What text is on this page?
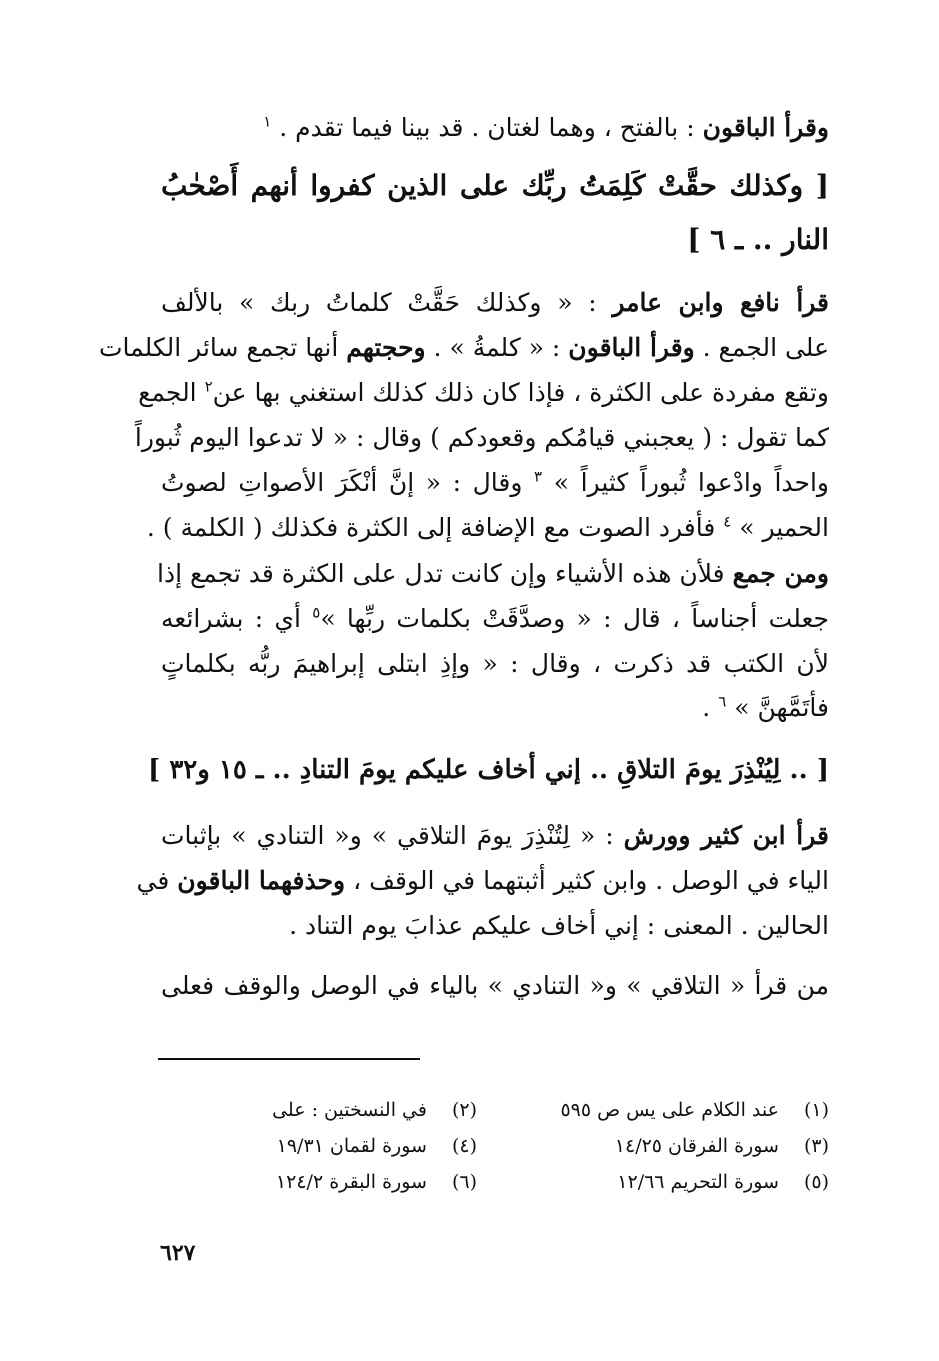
وقرأ الباقون : بالفتح ، وهما لغتان . قد بينا فيما تقدم . $^١$
[ وكذلك حقَّتْ كَلِمَتُ ربِّك على الذين كفروا أنهم أَصْحٰبُ
النار .. ـ ٦ ]
قرأ نافع وابن عامر : « وكذلك حَقَّتْ كلماتُ ربك » بالألف
على الجمع . وقرأ الباقون : « كلمةُ » . وحجتهم أنها تجمع سائر الكلمات
وتقع مفردة على الكثرة ، فإذا كان ذلك كذلك استغني بها عن$^٢$ الجمع
كما تقول : ( يعجبني قيامُكم وقعودكم ) وقال : « لا تدعوا اليوم ثُبوراً
واحداً وادْعوا ثُبوراً كثيراً » $^٣$ وقال : « إنَّ أنْكَرَ الأصواتِ لصوتُ
الحمير » $^٤$ فأفرد الصوت مع الإضافة إلى الكثرة فكذلك ( الكلمة ) .
ومن جمع فلأن هذه الأشياء وإن كانت تدل على الكثرة قد تجمع إذا
جعلت أجناساً ، قال : « وصدَّقَتْ بكلمات ربِّها »$^٥$ أي : بشرائعه
لأن الكتب قد ذكرت ، وقال : « وإذِ ابتلى إبراهيمَ ربُّه بكلماتٍ
فأتَمَّهنَّ » $^٦$ .
[ .. لِيُنْذِرَ يومَ التلاقِ .. إني أخاف عليكم يومَ التنادِ .. ـ ١٥ و٣٢ ]
قرأ ابن كثير وورش : « لِتُنْذِرَ يومَ التلاقي » و« التنادي » بإثبات
الياء في الوصل . وابن كثير أثبتهما في الوقف ، وحذفهما الباقون في
الحالين . المعنى : إني أخاف عليكم عذابَ يوم التناد .
من قرأ « التلاقي » و« التنادي » بالياء في الوصل والوقف فعلى
(١) عند الكلام على يس ص ٥٩٥
(٣) سورة الفرقان ١٤/٢٥
(٥) سورة التحريم ١٢/٦٦
(٢) في النسختين : على
(٤) سورة لقمان ١٩/٣١
(٦) سورة البقرة ١٢٤/٢
٦٢٧
